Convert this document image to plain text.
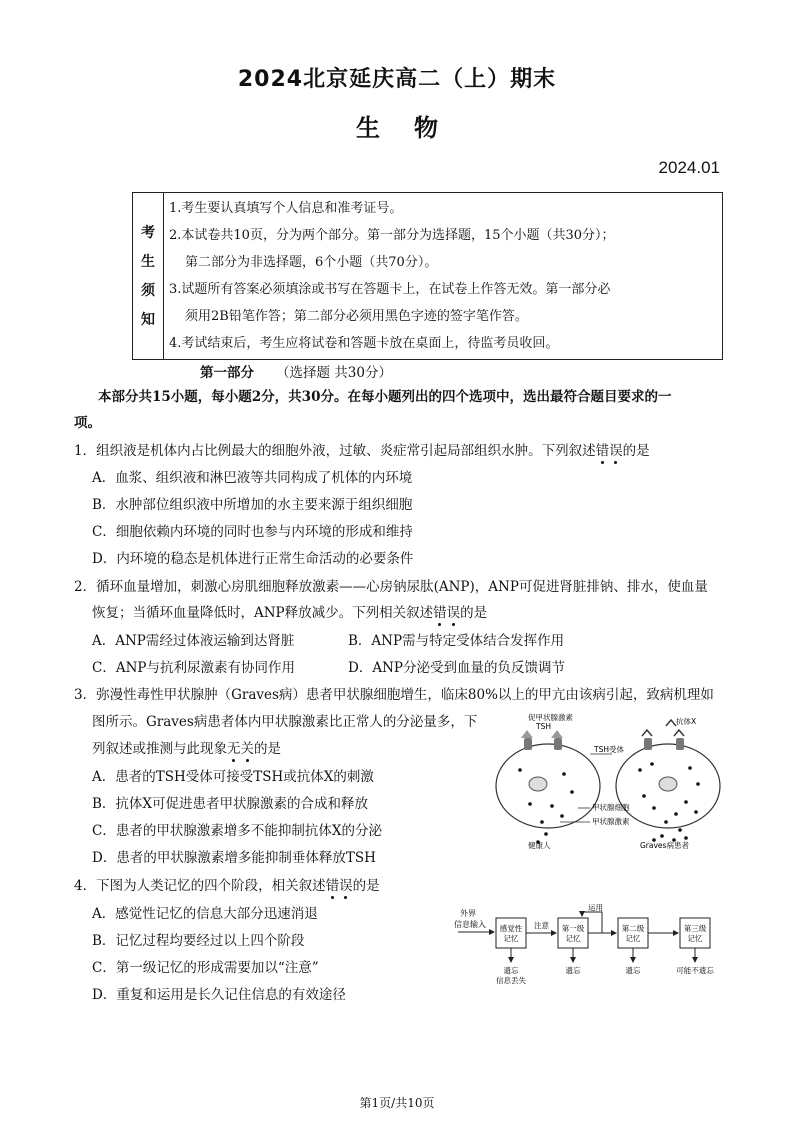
2024北京延庆高二（上）期末
生物
2024.01
考
生
须
知
1.考生要认真填写个人信息和准考证号。
2.本试卷共10页，分为两个部分。第一部分为选择题，15个小题（共30分）；
第二部分为非选择题，6个小题（共70分）。
3.试题所有答案必须填涂或书写在答题卡上，在试卷上作答无效。第一部分必
须用2B铅笔作答；第二部分必须用黑色字迹的签字笔作答。
4.考试结束后，考生应将试卷和答题卡放在桌面上，待监考员收回。
第一部分 （选择题 共30分）
本部分共15小题，每小题2分，共30分。在每小题列出的四个选项中，选出最符合题目要求的一
项。
1．组织液是机体内占比例最大的细胞外液，过敏、炎症常引起局部组织水肿。下列叙述错误的是
A．血浆、组织液和淋巴液等共同构成了机体的内环境
B．水肿部位组织液中所增加的水主要来源于组织细胞
C．细胞依赖内环境的同时也参与内环境的形成和维持
D．内环境的稳态是机体进行正常生命活动的必要条件
2．循环血量增加，刺激心房肌细胞释放激素——心房钠尿肽(ANP)，ANP可促进肾脏排钠、排水，使血量
恢复；当循环血量降低时，ANP释放减少。下列相关叙述错误的是
A．ANP需经过体液运输到达肾脏	B．ANP需与特定受体结合发挥作用
C．ANP与抗利尿激素有协同作用	D．ANP分泌受到血量的负反馈调节
3．弥漫性毒性甲状腺肿（Graves病）患者甲状腺细胞增生，临床80%以上的甲亢由该病引起，致病机理如
图所示。Graves病患者体内甲状腺激素比正常人的分泌量多，下
列叙述或推测与此现象无关的是
A．患者的TSH受体可接受TSH或抗体X的刺激
B．抗体X可促进患者甲状腺激素的合成和释放
C．患者的甲状腺激素增多不能抑制抗体X的分泌
D．患者的甲状腺激素增多能抑制垂体释放TSH
促甲状腺激素
TSH
抗体X
TSH受体
甲状腺细胞
甲状腺激素
健康人	Graves病患者
4．下图为人类记忆的四个阶段，相关叙述错误的是
A．感觉性记忆的信息大部分迅速消退
B．记忆过程均要经过以上四个阶段
C．第一级记忆的形成需要加以“注意”
D．重复和运用是长久记住信息的有效途径
外界
信息输入 感觉性
记忆
注意 第一级
记忆
运用
第二级
记忆
第三级
记忆
遗忘
信息丢失
遗忘	遗忘	可能不遗忘
第1页/共10页
